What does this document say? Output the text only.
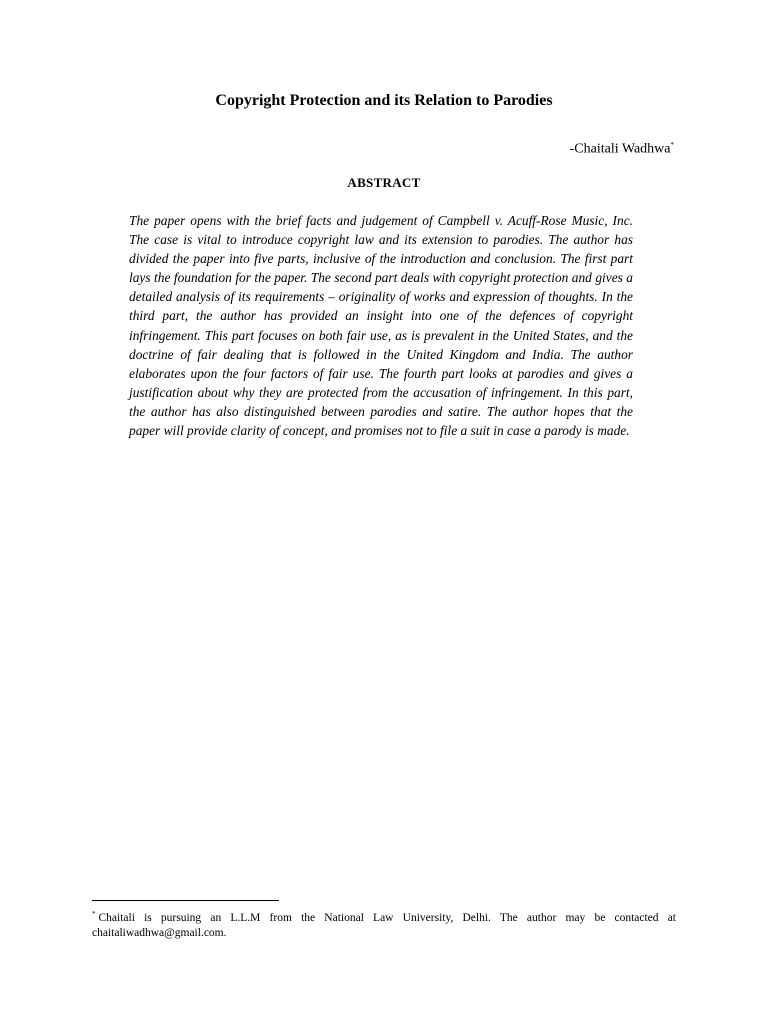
Copyright Protection and its Relation to Parodies
-Chaitali Wadhwa*
ABSTRACT
The paper opens with the brief facts and judgement of Campbell v. Acuff-Rose Music, Inc. The case is vital to introduce copyright law and its extension to parodies. The author has divided the paper into five parts, inclusive of the introduction and conclusion. The first part lays the foundation for the paper. The second part deals with copyright protection and gives a detailed analysis of its requirements – originality of works and expression of thoughts. In the third part, the author has provided an insight into one of the defences of copyright infringement. This part focuses on both fair use, as is prevalent in the United States, and the doctrine of fair dealing that is followed in the United Kingdom and India. The author elaborates upon the four factors of fair use. The fourth part looks at parodies and gives a justification about why they are protected from the accusation of infringement. In this part, the author has also distinguished between parodies and satire. The author hopes that the paper will provide clarity of concept, and promises not to file a suit in case a parody is made.
* Chaitali is pursuing an L.L.M from the National Law University, Delhi. The author may be contacted at chaitaliwadhwa@gmail.com.
